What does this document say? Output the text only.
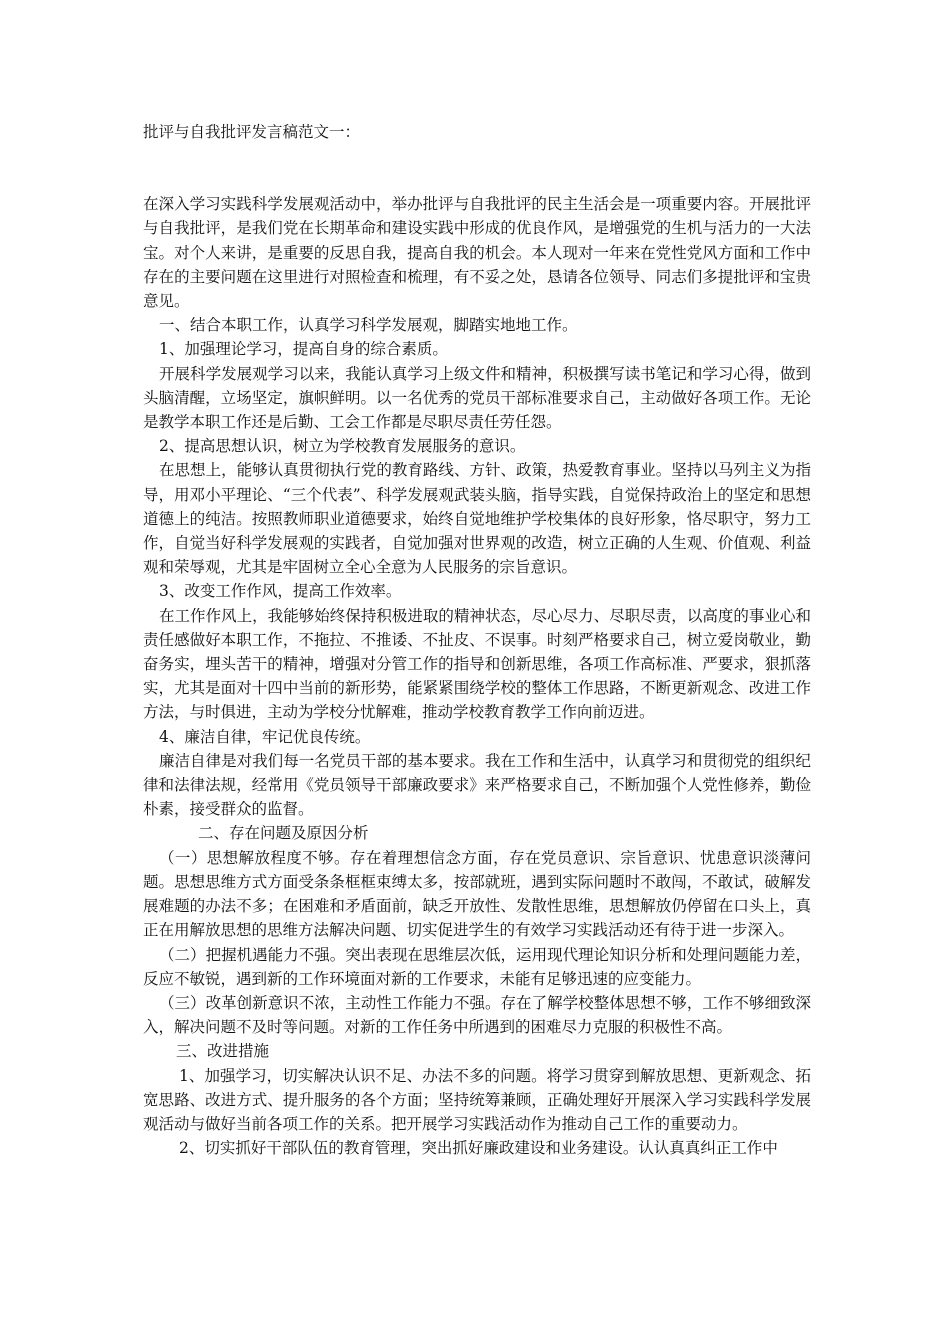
批评与自我批评发言稿范文一：

在深入学习实践科学发展观活动中，举办批评与自我批评的民主生活会是一项重要内容。开展批评与自我批评，是我们党在长期革命和建设实践中形成的优良作风，是增强党的生机与活力的一大法宝。对个人来讲，是重要的反思自我，提高自我的机会。本人现对一年来在党性党风方面和工作中存在的主要问题在这里进行对照检查和梳理，有不妥之处，恳请各位领导、同志们多提批评和宝贵意见。

一、结合本职工作，认真学习科学发展观，脚踏实地地工作。

1、加强理论学习，提高自身的综合素质。

开展科学发展观学习以来，我能认真学习上级文件和精神，积极撰写读书笔记和学习心得，做到头脑清醒，立场坚定，旗帜鲜明。以一名优秀的党员干部标准要求自己，主动做好各项工作。无论是教学本职工作还是后勤、工会工作都是尽职尽责任劳任怨。

2、提高思想认识，树立为学校教育发展服务的意识。

在思想上，能够认真贯彻执行党的教育路线、方针、政策，热爱教育事业。坚持以马列主义为指导，用邓小平理论、“三个代表”、科学发展观武装头脑，指导实践，自觉保持政治上的坚定和思想道德上的纯洁。按照教师职业道德要求，始终自觉地维护学校集体的良好形象，恪尽职守，努力工作，自觉当好科学发展观的实践者，自觉加强对世界观的改造，树立正确的人生观、价值观、利益观和荣辱观，尤其是牢固树立全心全意为人民服务的宗旨意识。

3、改变工作作风，提高工作效率。

在工作作风上，我能够始终保持积极进取的精神状态，尽心尽力、尽职尽责，以高度的事业心和责任感做好本职工作，不拖拉、不推诿、不扯皮、不误事。时刻严格要求自己，树立爱岗敬业，勤奋务实，埋头苦干的精神，增强对分管工作的指导和创新思维，各项工作高标准、严要求，狠抓落实，尤其是面对十四中当前的新形势，能紧紧围绕学校的整体工作思路，不断更新观念、改进工作方法，与时俱进，主动为学校分忧解难，推动学校教育教学工作向前迈进。

4、廉洁自律，牢记优良传统。

廉洁自律是对我们每一名党员干部的基本要求。我在工作和生活中，认真学习和贯彻党的组织纪律和法律法规，经常用《党员领导干部廉政要求》来严格要求自己，不断加强个人党性修养，勤俭朴素，接受群众的监督。

二、存在问题及原因分析

（一）思想解放程度不够。存在着理想信念方面，存在党员意识、宗旨意识、忧患意识淡薄问题。思想思维方式方面受条条框框束缚太多，按部就班，遇到实际问题时不敢闯，不敢试，破解发展难题的办法不多；在困难和矛盾面前，缺乏开放性、发散性思维，思想解放仍停留在口头上，真正在用解放思想的思维方法解决问题、切实促进学生的有效学习实践活动还有待于进一步深入。

（二）把握机遇能力不强。突出表现在思维层次低，运用现代理论知识分析和处理问题能力差，反应不敏锐，遇到新的工作环境面对新的工作要求，未能有足够迅速的应变能力。

（三）改革创新意识不浓，主动性工作能力不强。存在了解学校整体思想不够，工作不够细致深入，解决问题不及时等问题。对新的工作任务中所遇到的困难尽力克服的积极性不高。

三、改进措施

1、加强学习，切实解决认识不足、办法不多的问题。将学习贯穿到解放思想、更新观念、拓宽思路、改进方式、提升服务的各个方面；坚持统筹兼顾，正确处理好开展深入学习实践科学发展观活动与做好当前各项工作的关系。把开展学习实践活动作为推动自己工作的重要动力。

2、切实抓好干部队伍的教育管理，突出抓好廉政建设和业务建设。认认真真纠正工作中
